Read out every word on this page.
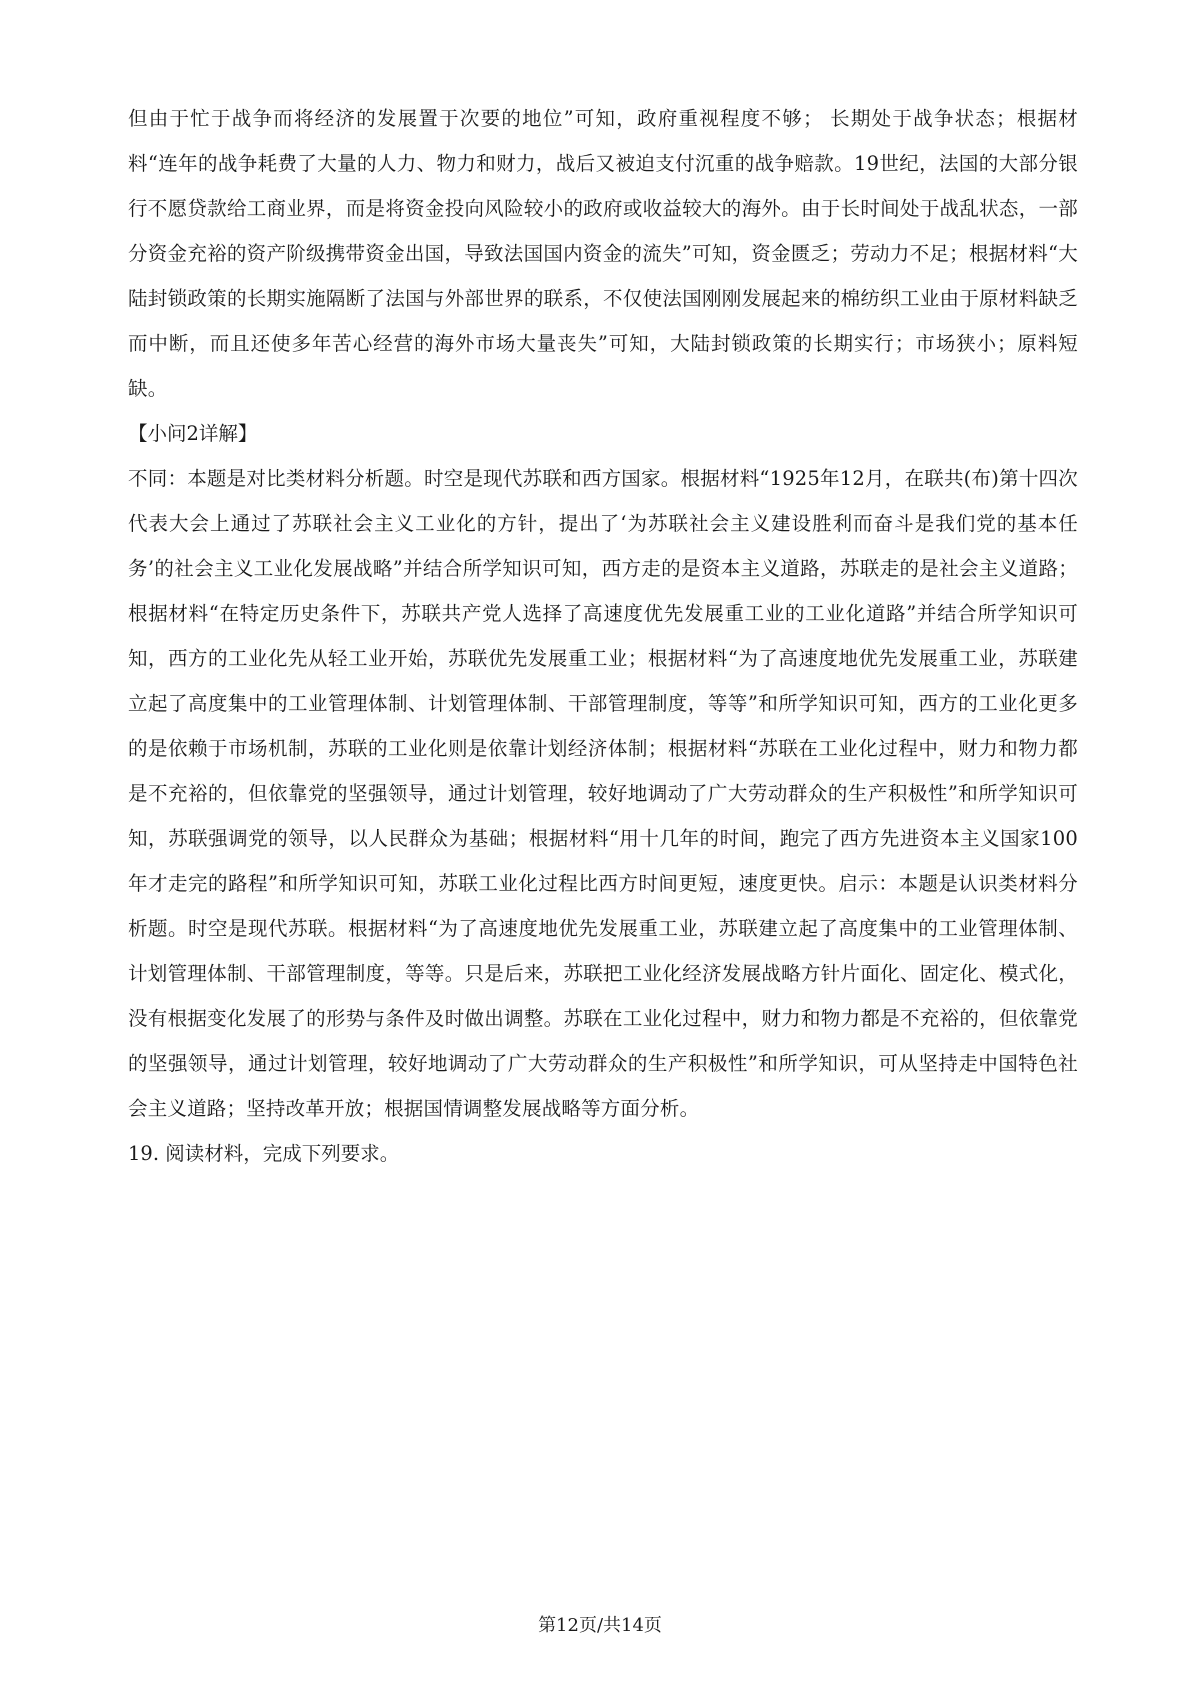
但由于忙于战争而将经济的发展置于次要的地位”可知，政府重视程度不够； 长期处于战争状态；根据材料“连年的战争耗费了大量的人力、物力和财力，战后又被迫支付沉重的战争赔款。19世纪，法国的大部分银行不愿贷款给工商业界，而是将资金投向风险较小的政府或收益较大的海外。由于长时间处于战乱状态，一部分资金充裕的资产阶级携带资金出国，导致法国国内资金的流失”可知，资金匮乏；劳动力不足；根据材料“大陆封锁政策的长期实施隔断了法国与外部世界的联系，不仅使法国刚刚发展起来的棉纺织工业由于原材料缺乏而中断，而且还使多年苦心经营的海外市场大量丧失”可知，大陆封锁政策的长期实行；市场狭小；原料短缺。

【小问2详解】

不同：本题是对比类材料分析题。时空是现代苏联和西方国家。根据材料“1925年12月，在联共(布)第十四次代表大会上通过了苏联社会主义工业化的方针，提出了‘为苏联社会主义建设胜利而奋斗是我们党的基本任务’的社会主义工业化发展战略”并结合所学知识可知，西方走的是资本主义道路，苏联走的是社会主义道路；根据材料“在特定历史条件下，苏联共产党人选择了高速度优先发展重工业的工业化道路”并结合所学知识可知，西方的工业化先从轻工业开始，苏联优先发展重工业；根据材料“为了高速度地优先发展重工业，苏联建立起了高度集中的工业管理体制、计划管理体制、干部管理制度，等等”和所学知识可知，西方的工业化更多的是依赖于市场机制，苏联的工业化则是依靠计划经济体制；根据材料“苏联在工业化过程中，财力和物力都是不充裕的，但依靠党的坚强领导，通过计划管理，较好地调动了广大劳动群众的生产积极性”和所学知识可知，苏联强调党的领导，以人民群众为基础；根据材料“用十几年的时间，跑完了西方先进资本主义国家100年才走完的路程”和所学知识可知，苏联工业化过程比西方时间更短，速度更快。启示：本题是认识类材料分析题。时空是现代苏联。根据材料“为了高速度地优先发展重工业，苏联建立起了高度集中的工业管理体制、计划管理体制、干部管理制度，等等。只是后来，苏联把工业化经济发展战略方针片面化、固定化、模式化，没有根据变化发展了的形势与条件及时做出调整。苏联在工业化过程中，财力和物力都是不充裕的，但依靠党的坚强领导，通过计划管理，较好地调动了广大劳动群众的生产积极性”和所学知识，可从坚持走中国特色社会主义道路；坚持改革开放；根据国情调整发展战略等方面分析。

19. 阅读材料，完成下列要求。

第12页/共14页
